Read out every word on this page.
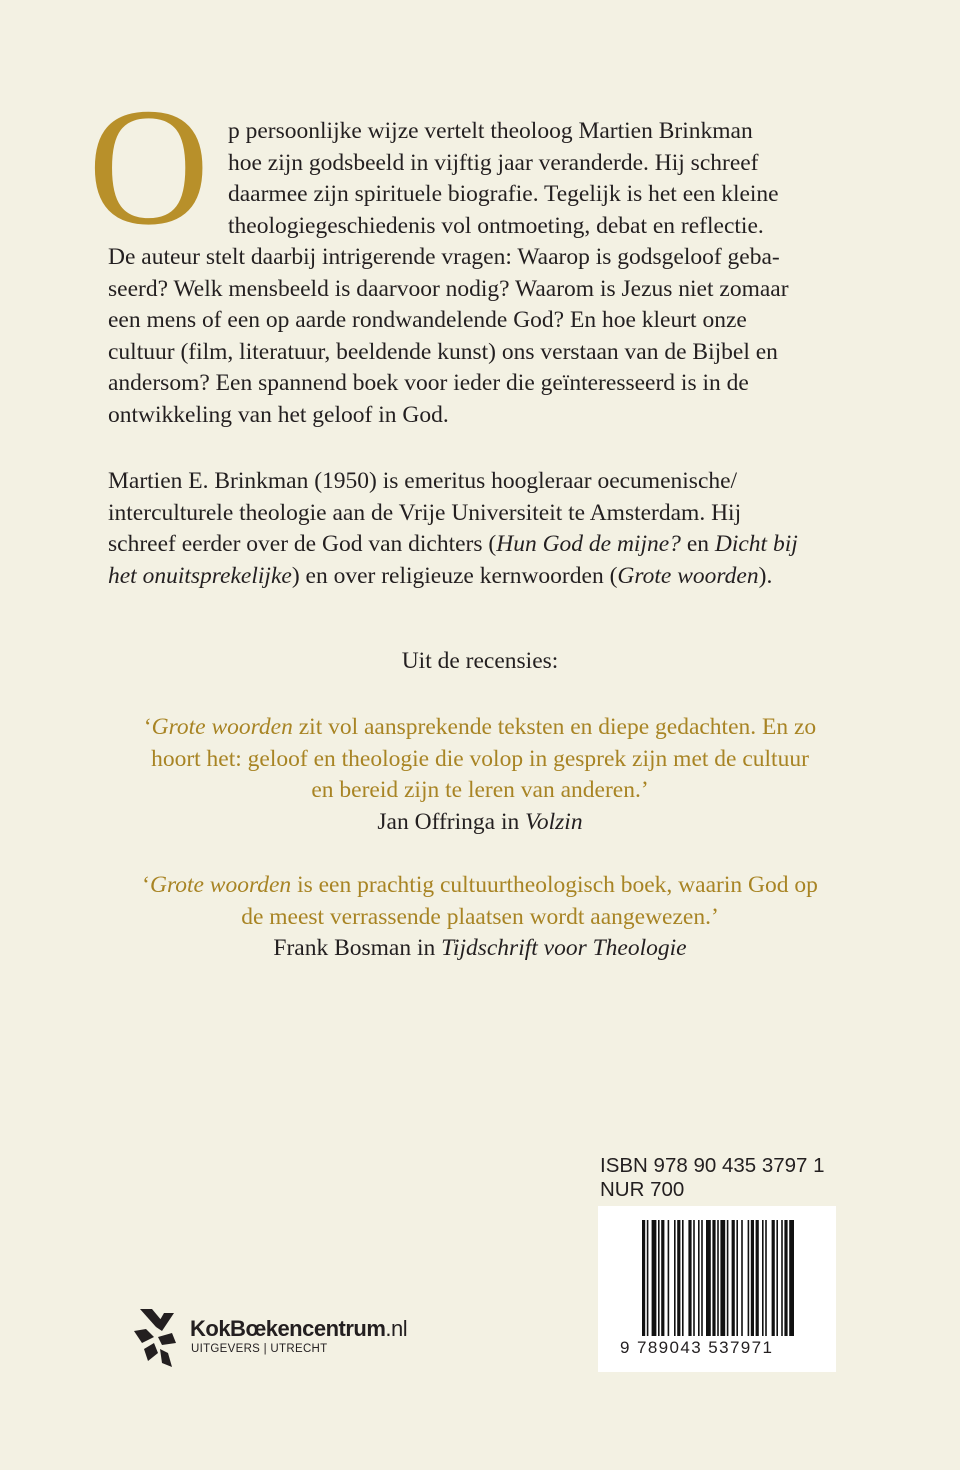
O p persoonlijke wijze vertelt theoloog Martien Brinkman
hoe zijn godsbeeld in vijftig jaar veranderde. Hij schreef
daarmee zijn spirituele biografie. Tegelijk is het een kleine
theologiegeschiedenis vol ontmoeting, debat en reflectie.
De auteur stelt daarbij intrigerende vragen: Waarop is godsgeloof geba-
seerd? Welk mensbeeld is daarvoor nodig? Waarom is Jezus niet zomaar
een mens of een op aarde rondwandelende God? En hoe kleurt onze
cultuur (film, literatuur, beeldende kunst) ons verstaan van de Bijbel en
andersom? Een spannend boek voor ieder die geïnteresseerd is in de
ontwikkeling van het geloof in God.

Martien E. Brinkman (1950) is emeritus hoogleraar oecumenische/
interculturele theologie aan de Vrije Universiteit te Amsterdam. Hij
schreef eerder over de God van dichters (Hun God de mijne? en Dicht bij
het onuitsprekelijke) en over religieuze kernwoorden (Grote woorden).

Uit de recensies:
‘Grote woorden zit vol aansprekende teksten en diepe gedachten. En zo
hoort het: geloof en theologie die volop in gesprek zijn met de cultuur
en bereid zijn te leren van anderen.’
Jan Offringa in Volzin
‘Grote woorden is een prachtig cultuurtheologisch boek, waarin God op
de meest verrassende plaatsen wordt aangewezen.’
Frank Bosman in Tijdschrift voor Theologie
ISBN 978 90 435 3797 1
NUR 700
9 789043 537971
KokBœkencentrum.nl
UITGEVERS | UTRECHT
